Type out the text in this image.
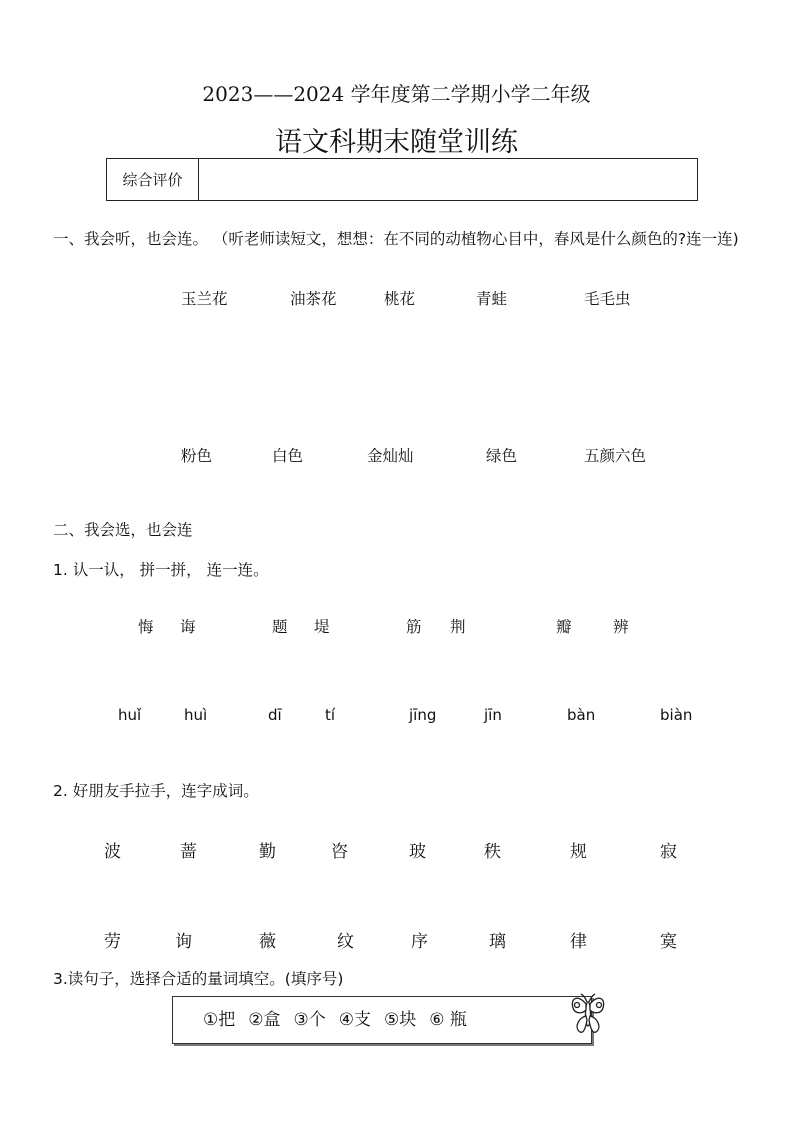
2023——2024 学年度第二学期小学二年级
语文科期末随堂训练
综合评价
一、我会听，也会连。 （听老师读短文，想想：在不同的动植物心目中，春风是什么颜色的?连一连)
玉兰花	油茶花	桃花	青蛙	毛毛虫
粉色	白色	金灿灿	绿色	五颜六色
二、我会选，也会连
1. 认一认， 拼一拼， 连一连。
悔 诲	题 堤	筋 荆	瓣	辨
huǐ	huì	dī	tí	jīng	jīn	bàn	biàn
2. 好朋友手拉手，连字成词。
波	蔷	勤	咨	玻	秩	规	寂
劳	询	薇	纹	序	璃	律	寞
3.读句子，选择合适的量词填空。(填序号)
①把 ②盒 ③个 ④支 ⑤块 ⑥ 瓶
